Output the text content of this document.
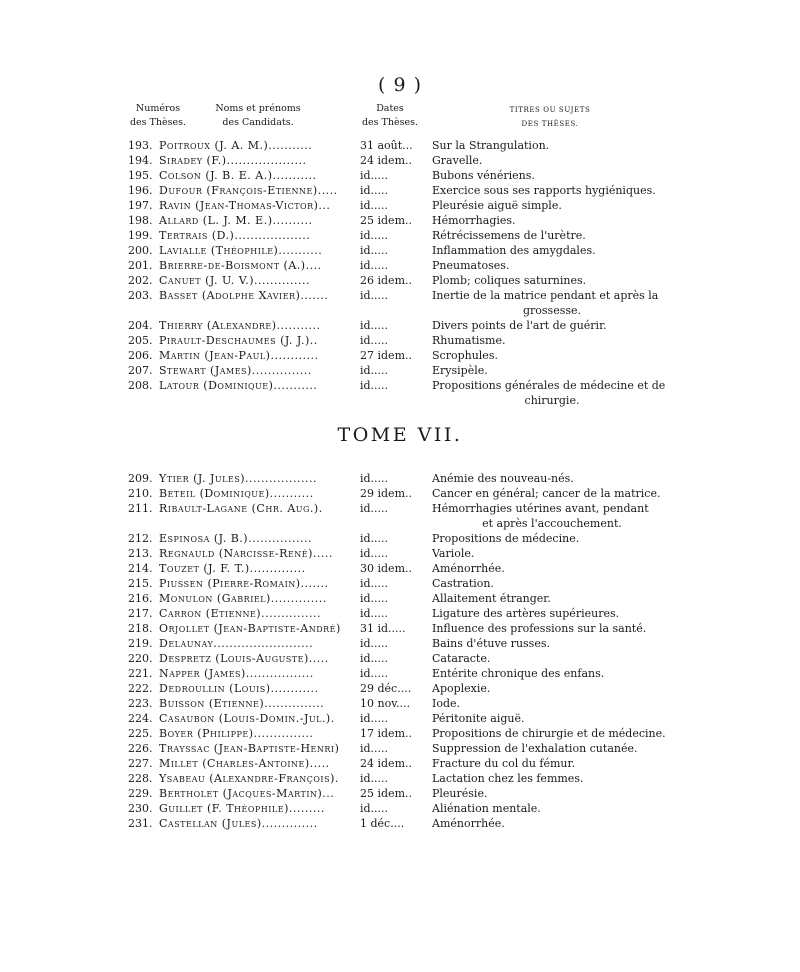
( 9 )
Numéros
des Thèses.
Noms et prénoms
des Candidats.
Dates
des Thèses.
TITRES OU SUJETS
DES THÈSES.
193. Poitroux (J. A. M.)...........	31 août... Sur la Strangulation.
194. Siradey (F.)....................	24 idem.. Gravelle.
195. Colson (J. B. E. A.)...........	id.....	Bubons vénériens.
196. Dufour (François-Etienne)..... id.....	Exercice sous ses rapports hygiéniques.
197. Ravin (Jean-Thomas-Victor)...	id.....	Pleurésie aiguë simple.
198. Allard (L. J. M. E.)..........	25 idem.. Hémorrhagies.
199. Tertrais (D.)...................	id.....	Rétrécissemens de l'urètre.
200. Lavialle (Théophile)...........	id.....	Inflammation des amygdales.
201. Brierre-de-Boismont (A.)....	id.....	Pneumatoses.
202. Canuet (J. U. V.)..............	26 idem.. Plomb; coliques saturnines.
203. Basset (Adolphe Xavier).......	id.....	Inertie de la matrice pendant et après la
grossesse.
204. Thierry (Alexandre)...........	id.....	Divers points de l'art de guérir.
205. Pirault-Deschaumes (J. J.)..	id.....	Rhumatisme.
206. Martin (Jean-Paul)............	27 idem.. Scrophules.
207. Stewart (James)...............	id.....	Erysipèle.
208. Latour (Dominique)...........	id.....	Propositions générales de médecine et de
chirurgie.
TOME VII.
209. Ytier (J. Jules)..................	id.....	Anémie des nouveau-nés.
210. Beteil (Dominique)...........	29 idem.. Cancer en général; cancer de la matrice.
211. Ribault-Lagane (Chr. Aug.).	id.....	Hémorrhagies utérines avant, pendant
et après l'accouchement.
212. Espinosa (J. B.)................	id.....	Propositions de médecine.
213. Regnauld (Narcisse-René)..... id.....	Variole.
214. Touzet (J. F. T.)..............	30 idem.. Aménorrhée.
215. Piussen (Pierre-Romain).......	id.....	Castration.
216. Monulon (Gabriel)..............	id.....	Allaitement étranger.
217. Carron (Etienne)...............	id.....	Ligature des artères supérieures.
218. Orjollet (Jean-Baptiste-André) 31 id..... Influence des professions sur la santé.
219. Delaunay.........................	id.....	Bains d'étuve russes.
220. Despretz (Louis-Auguste).....	id.....	Cataracte.
221. Napper (James).................	id.....	Entérite chronique des enfans.
222. Dedroullin (Louis)............	29 déc.... Apoplexie.
223. Buisson (Etienne)...............	10 nov.... Iode.
224. Casaubon (Louis-Domin.-Jul.). id.....	Péritonite aiguë.
225. Boyer (Philippe)...............	17 idem.. Propositions de chirurgie et de médecine.
226. Trayssac (Jean-Baptiste-Henri) id.....	Suppression de l'exhalation cutanée.
227. Millet (Charles-Antoine).....	24 idem.. Fracture du col du fémur.
228. Ysabeau (Alexandre-François). id.....	Lactation chez les femmes.
229. Bertholet (Jacques-Martin)... 25 idem.. Pleurésie.
230. Guillet (F. Théophile).........	id.....	Aliénation mentale.
231. Castellan (Jules)..............	1 déc....	Aménorrhée.
